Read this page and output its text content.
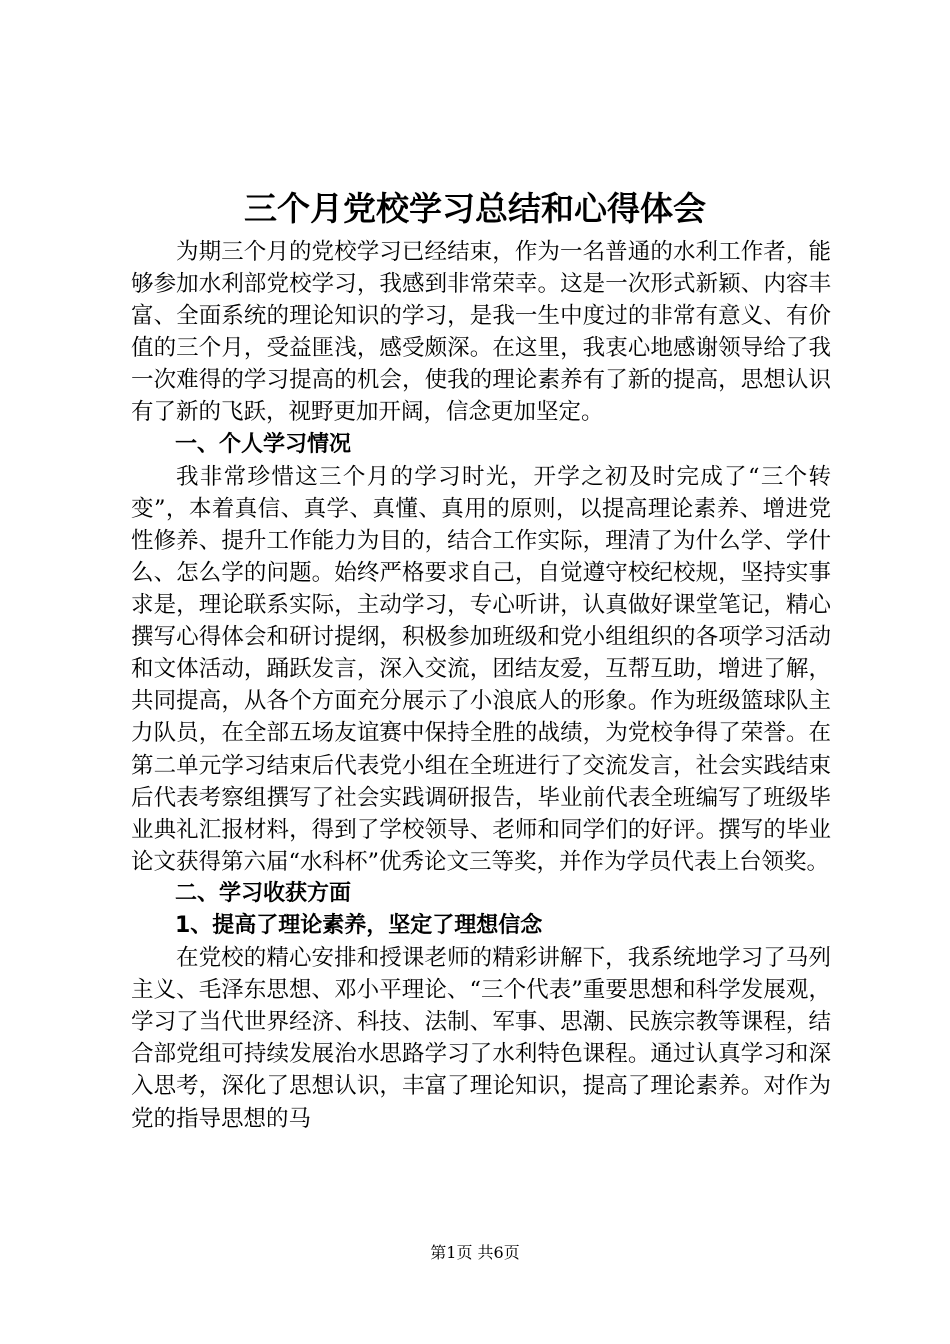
三个月党校学习总结和心得体会

为期三个月的党校学习已经结束，作为一名普通的水利工作者，能够参加水利部党校学习，我感到非常荣幸。这是一次形式新颖、内容丰富、全面系统的理论知识的学习，是我一生中度过的非常有意义、有价值的三个月，受益匪浅，感受颇深。在这里，我衷心地感谢领导给了我一次难得的学习提高的机会，使我的理论素养有了新的提高，思想认识有了新的飞跃，视野更加开阔，信念更加坚定。

一、个人学习情况

我非常珍惜这三个月的学习时光，开学之初及时完成了“三个转变”，本着真信、真学、真懂、真用的原则，以提高理论素养、增进党性修养、提升工作能力为目的，结合工作实际，理清了为什么学、学什么、怎么学的问题。始终严格要求自己，自觉遵守校纪校规，坚持实事求是，理论联系实际，主动学习，专心听讲，认真做好课堂笔记，精心撰写心得体会和研讨提纲，积极参加班级和党小组组织的各项学习活动和文体活动，踊跃发言，深入交流，团结友爱，互帮互助，增进了解，共同提高，从各个方面充分展示了小浪底人的形象。作为班级篮球队主力队员，在全部五场友谊赛中保持全胜的战绩，为党校争得了荣誉。在第二单元学习结束后代表党小组在全班进行了交流发言，社会实践结束后代表考察组撰写了社会实践调研报告，毕业前代表全班编写了班级毕业典礼汇报材料，得到了学校领导、老师和同学们的好评。撰写的毕业论文获得第六届“水科杯”优秀论文三等奖，并作为学员代表上台领奖。

二、学习收获方面
1、提高了理论素养，坚定了理想信念

在党校的精心安排和授课老师的精彩讲解下，我系统地学习了马列主义、毛泽东思想、邓小平理论、“三个代表”重要思想和科学发展观，学习了当代世界经济、科技、法制、军事、思潮、民族宗教等课程，结合部党组可持续发展治水思路学习了水利特色课程。通过认真学习和深入思考，深化了思想认识，丰富了理论知识，提高了理论素养。对作为党的指导思想的马

第1页 共6页
